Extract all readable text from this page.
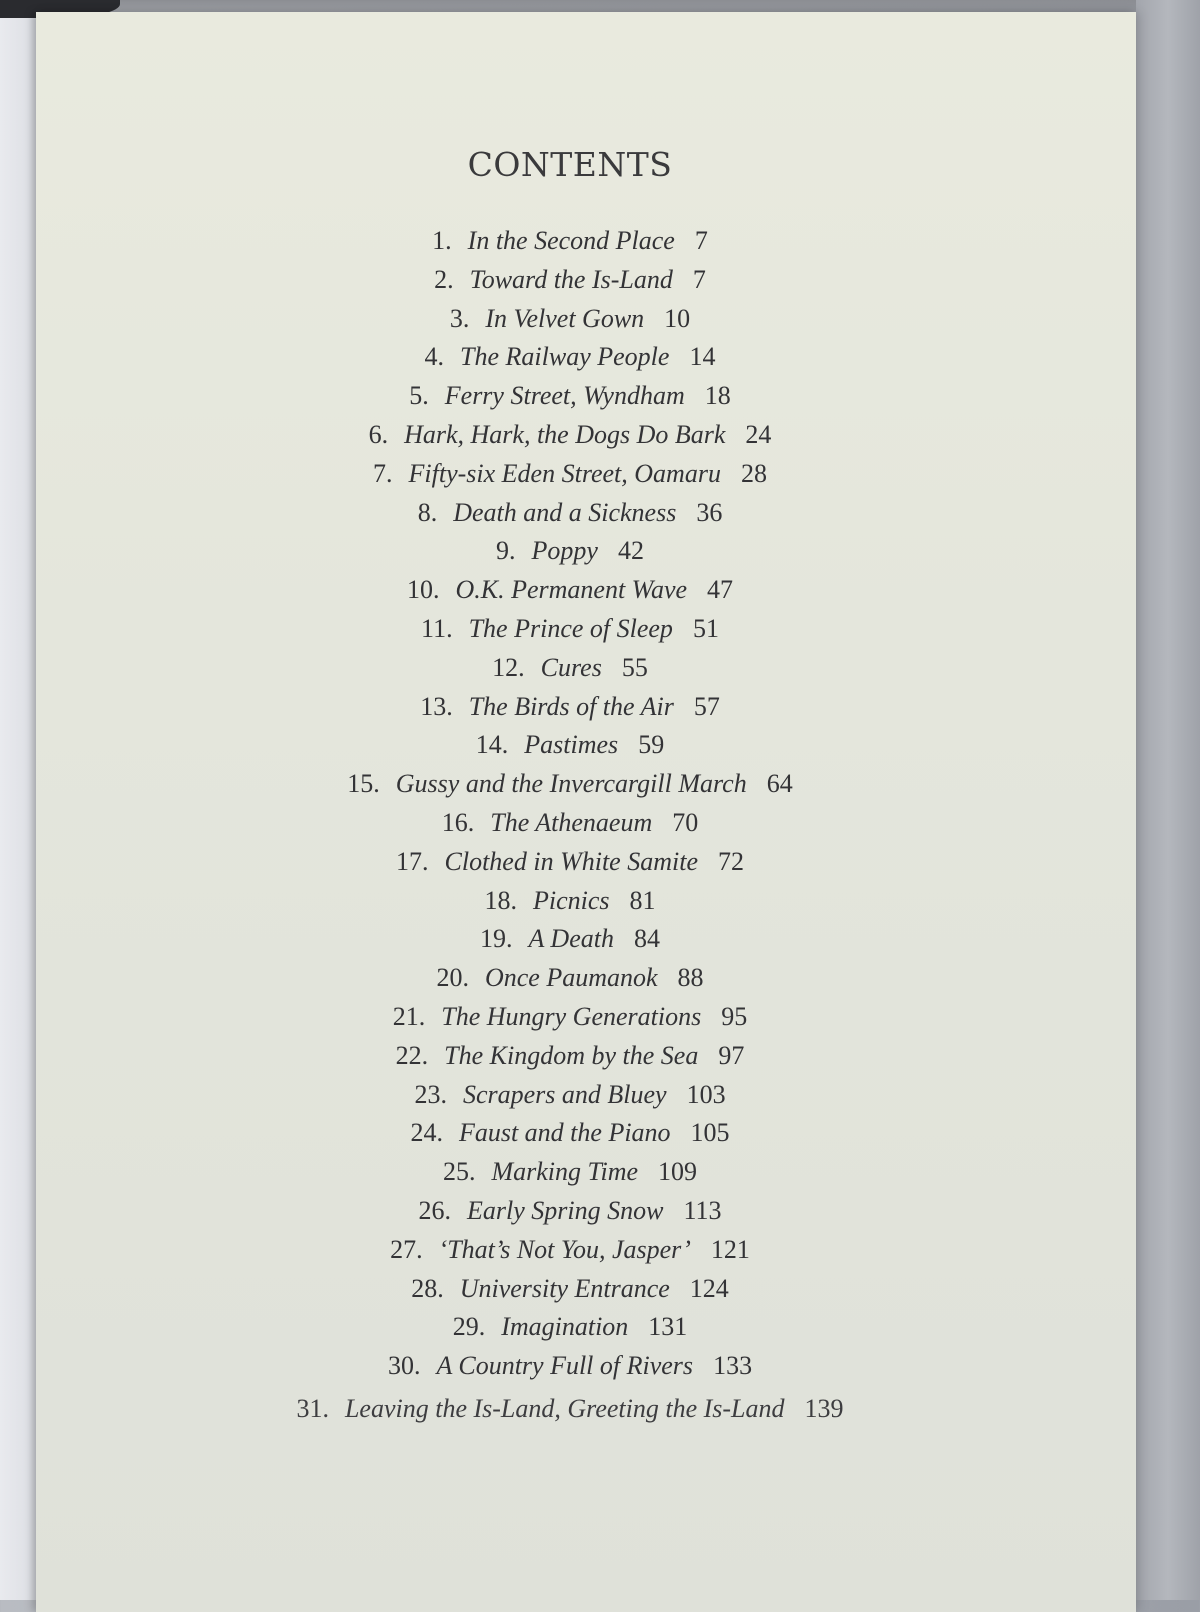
CONTENTS
1. In the Second Place 7
2. Toward the Is-Land 7
3. In Velvet Gown 10
4. The Railway People 14
5. Ferry Street, Wyndham 18
6. Hark, Hark, the Dogs Do Bark 24
7. Fifty-six Eden Street, Oamaru 28
8. Death and a Sickness 36
9. Poppy 42
10. O.K. Permanent Wave 47
11. The Prince of Sleep 51
12. Cures 55
13. The Birds of the Air 57
14. Pastimes 59
15. Gussy and the Invercargill March 64
16. The Athenaeum 70
17. Clothed in White Samite 72
18. Picnics 81
19. A Death 84
20. Once Paumanok 88
21. The Hungry Generations 95
22. The Kingdom by the Sea 97
23. Scrapers and Bluey 103
24. Faust and the Piano 105
25. Marking Time 109
26. Early Spring Snow 113
27. ‘That’s Not You, Jasper’ 121
28. University Entrance 124
29. Imagination 131
30. A Country Full of Rivers 133
31. Leaving the Is-Land, Greeting the Is-Land 139
